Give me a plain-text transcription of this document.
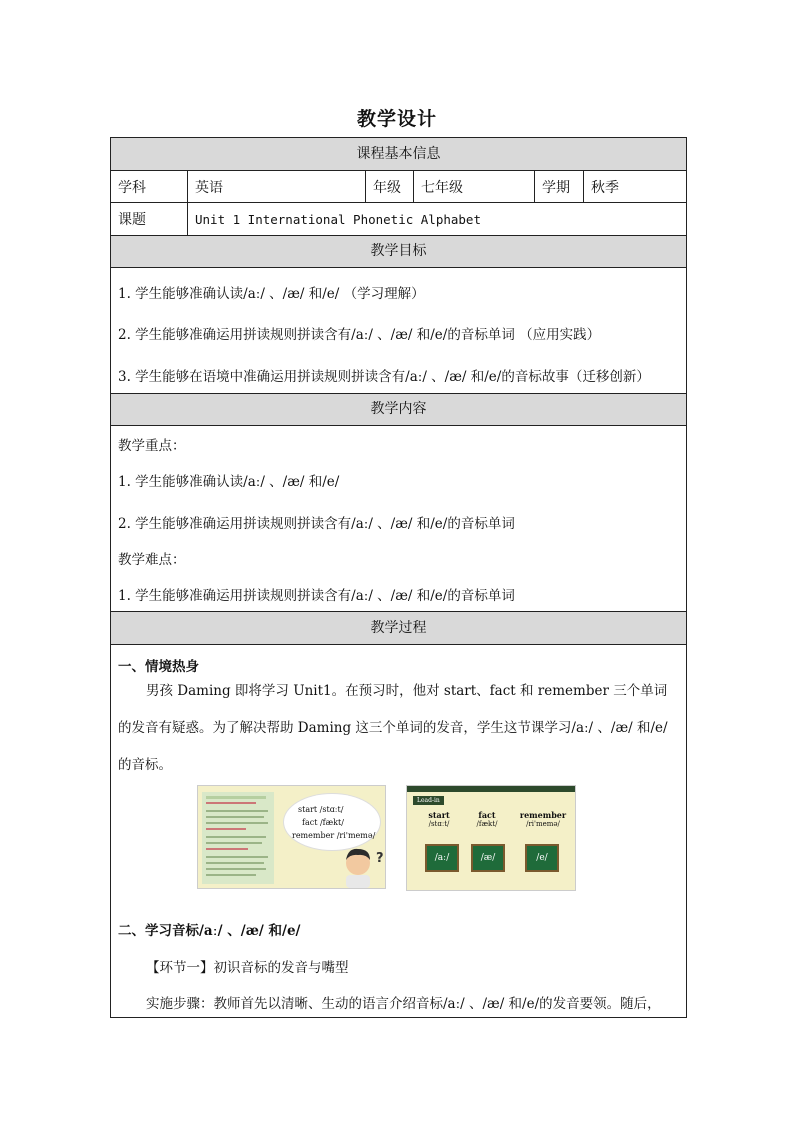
教学设计
课程基本信息
学科	英语	年级	七年级	学期	秋季
课题	Unit 1 International Phonetic Alphabet
教学目标
1. 学生能够准确认读/aː/ 、/æ/ 和/e/ （学习理解）
2. 学生能够准确运用拼读规则拼读含有/aː/ 、/æ/ 和/e/的音标单词 （应用实践）
3. 学生能够在语境中准确运用拼读规则拼读含有/aː/ 、/æ/ 和/e/的音标故事（迁移创新）
教学内容
教学重点：
1. 学生能够准确认读/aː/ 、/æ/ 和/e/
2. 学生能够准确运用拼读规则拼读含有/aː/ 、/æ/ 和/e/的音标单词
教学难点：
1. 学生能够准确运用拼读规则拼读含有/aː/ 、/æ/ 和/e/的音标单词
教学过程
一、情境热身
男孩 Daming 即将学习 Unit1。在预习时，他对 start、fact 和 remember 三个单词的发音有疑惑。为了解决帮助 Daming 这三个单词的发音，学生这节课学习/aː/ 、/æ/ 和/e/的音标。
start /stɑːt/
fact /fækt/
remember /ri'memə/
?
Lead-in
start
/stɑːt/
fact
/fækt/
remember
/ri'memə/
/aː/	/æ/	/e/
二、学习音标/aː/ 、/æ/ 和/e/
【环节一】初识音标的发音与嘴型
实施步骤：教师首先以清晰、生动的语言介绍音标/aː/ 、/æ/ 和/e/的发音要领。随后，
